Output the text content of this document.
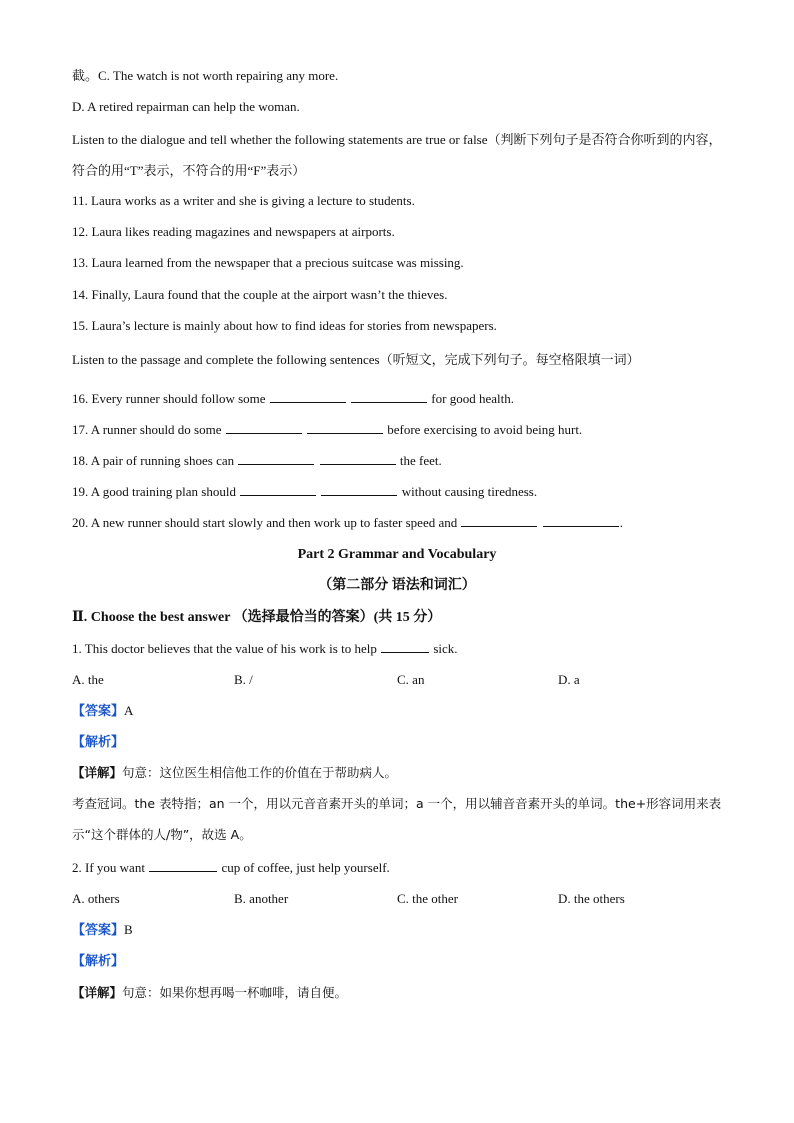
截。C. The watch is not worth repairing any more.
D. A retired repairman can help the woman.
Listen to the dialogue and tell whether the following statements are true or false（判断下列句子是否符合你听到的内容，符合的用“T”表示，不符合的用“F”表示）
11. Laura works as a writer and she is giving a lecture to students.
12. Laura likes reading magazines and newspapers at airports.
13. Laura learned from the newspaper that a precious suitcase was missing.
14. Finally, Laura found that the couple at the airport wasn’t the thieves.
15. Laura’s lecture is mainly about how to find ideas for stories from newspapers.
Listen to the passage and complete the following sentences（听短文，完成下列句子。每空格限填一词）
16. Every runner should follow some	for good health.
17. A runner should do some	before exercising to avoid being hurt.
18. A pair of running shoes can	the feet.
19. A good training plan should	without causing tiredness.
20. A new runner should start slowly and then work up to faster speed and	.
Part 2 Grammar and Vocabulary
（第二部分 语法和词汇）
Ⅱ. Choose the best answer （选择最恰当的答案）(共 15 分）
1. This doctor believes that the value of his work is to help	sick.
A. the	B. /	C. an	D. a
【答案】A
【解析】
【详解】句意：这位医生相信他工作的价值在于帮助病人。
考查冠词。the 表特指；an 一个，用以元音音素开头的单词；a 一个，用以辅音音素开头的单词。the+形容词用来表示“这个群体的人/物”，故选 A。
2. If you want	cup of coffee, just help yourself.
A. others	B. another	C. the other	D. the others
【答案】B
【解析】
【详解】句意：如果你想再喝一杯咖啡，请自便。
